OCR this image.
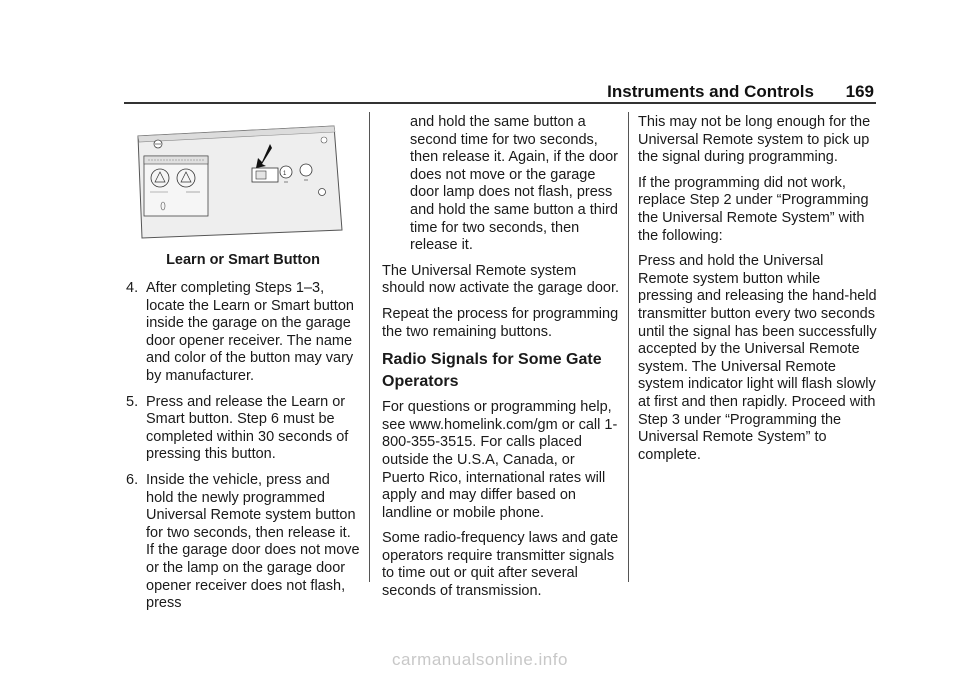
Instruments and Controls 169
1
Learn or Smart Button
4. After completing Steps 1–3, locate the Learn or Smart button inside the garage on the garage door opener receiver. The name and color of the button may vary by manufacturer.
5. Press and release the Learn or Smart button. Step 6 must be completed within 30 seconds of pressing this button.
6. Inside the vehicle, press and hold the newly programmed Universal Remote system button for two seconds, then release it. If the garage door does not move or the lamp on the garage door opener receiver does not flash, press

and hold the same button a second time for two seconds, then release it. Again, if the door does not move or the garage door lamp does not flash, press and hold the same button a third time for two seconds, then release it.

The Universal Remote system should now activate the garage door.

Repeat the process for programming the two remaining buttons.

Radio Signals for Some Gate Operators

For questions or programming help, see www.homelink.com/gm or call 1-800-355-3515. For calls placed outside the U.S.A, Canada, or Puerto Rico, international rates will apply and may differ based on landline or mobile phone.

Some radio-frequency laws and gate operators require transmitter signals to time out or quit after several seconds of transmission.

This may not be long enough for the Universal Remote system to pick up the signal during programming.

If the programming did not work, replace Step 2 under “Programming the Universal Remote System” with the following:

Press and hold the Universal Remote system button while pressing and releasing the hand-held transmitter button every two seconds until the signal has been successfully accepted by the Universal Remote system. The Universal Remote system indicator light will flash slowly at first and then rapidly. Proceed with Step 3 under “Programming the Universal Remote System” to complete.

carmanualsonline.info
